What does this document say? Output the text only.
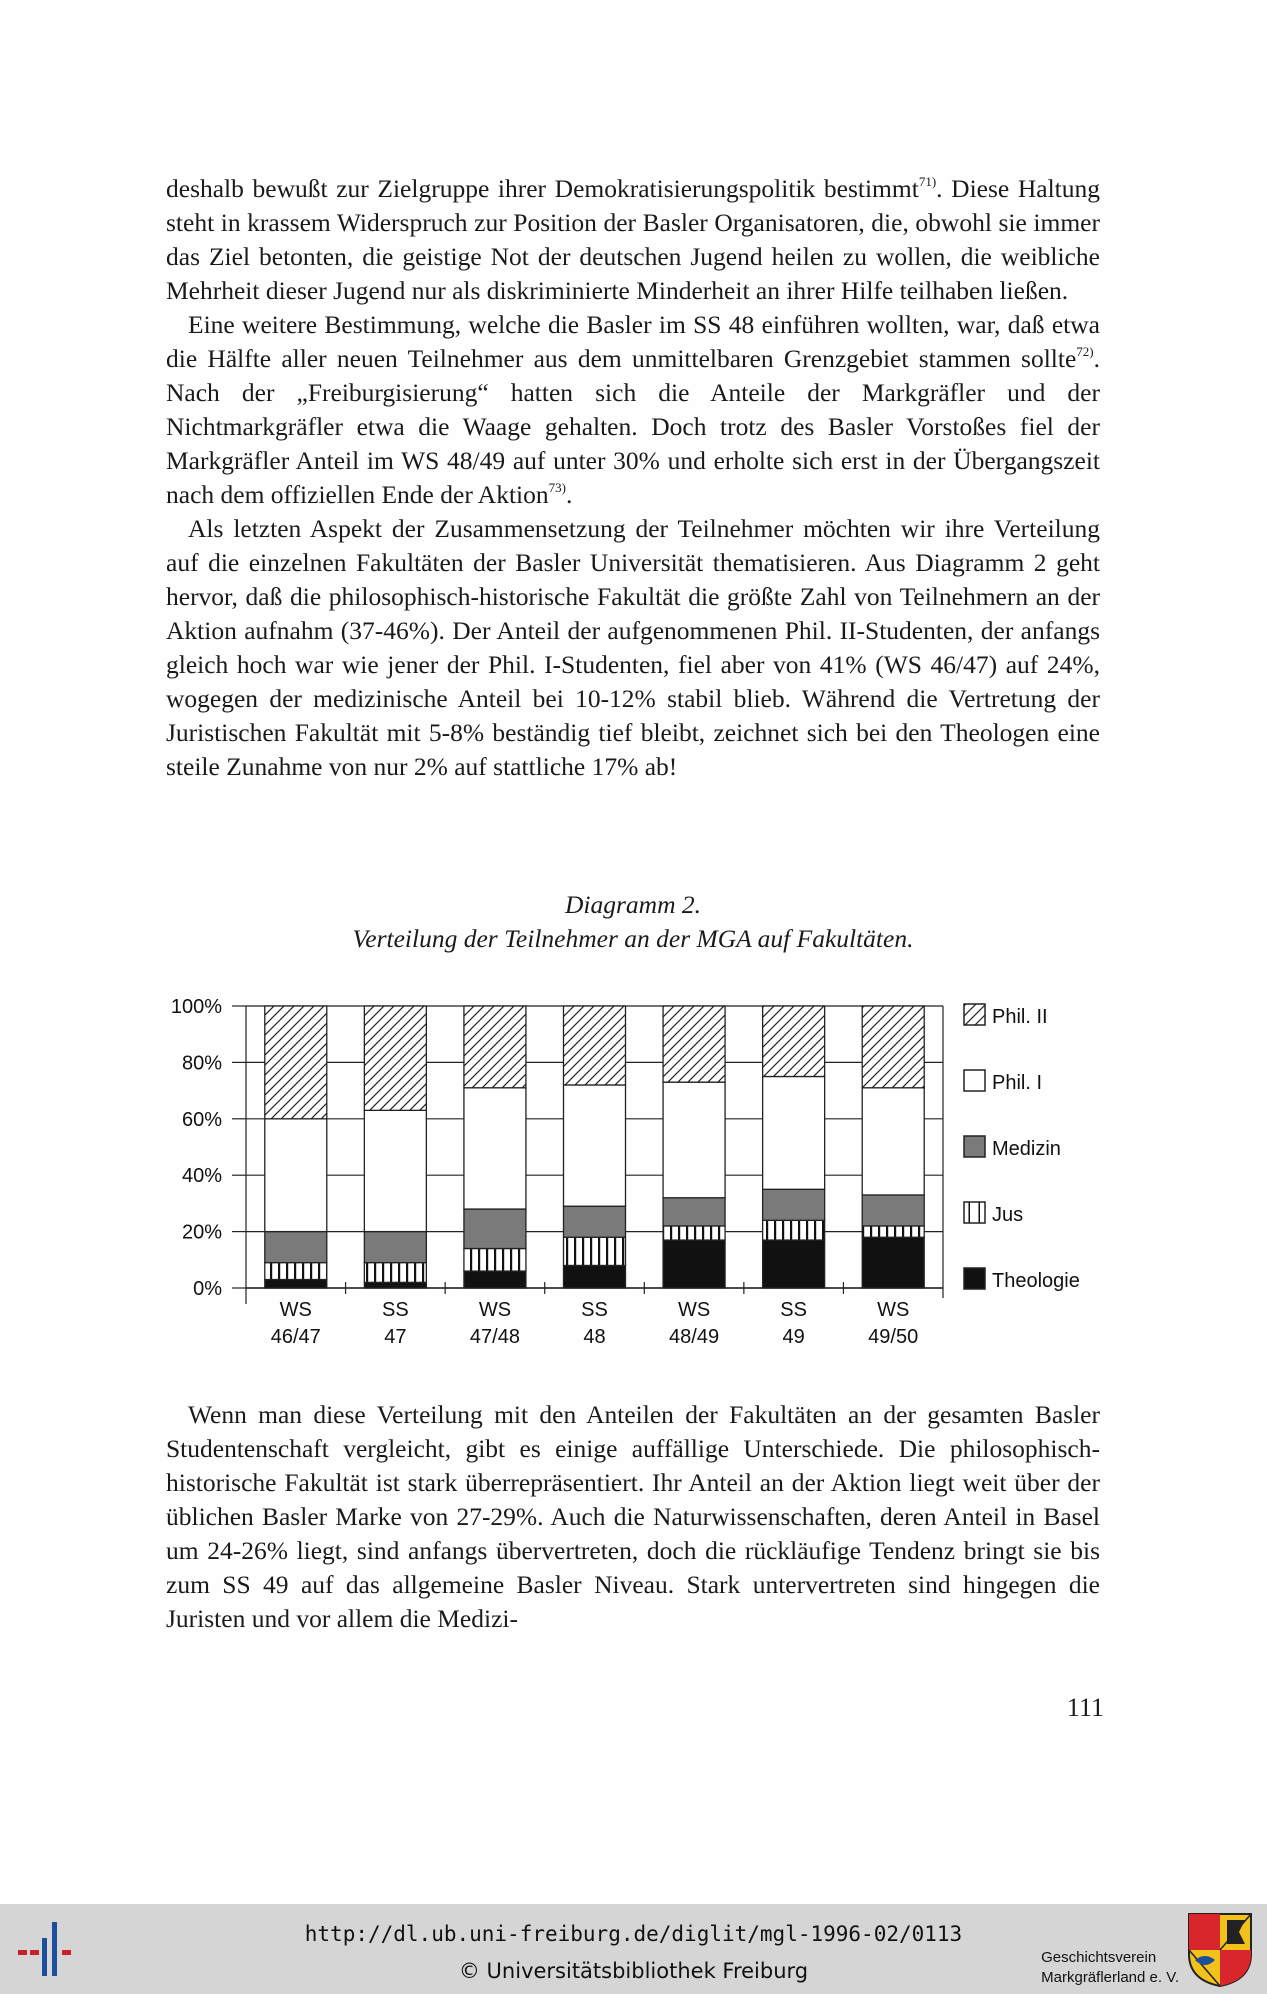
deshalb bewußt zur Zielgruppe ihrer Demokratisierungspolitik bestimmt$^{71)}$. Diese Haltung steht in krassem Widerspruch zur Position der Basler Organisatoren, die, obwohl sie immer das Ziel betonten, die geistige Not der deutschen Jugend heilen zu wollen, die weibliche Mehrheit dieser Jugend nur als diskriminierte Minderheit an ihrer Hilfe teilhaben ließen.

Eine weitere Bestimmung, welche die Basler im SS 48 einführen wollten, war, daß etwa die Hälfte aller neuen Teilnehmer aus dem unmittelbaren Grenzgebiet stammen sollte$^{72)}$. Nach der „Freiburgisierung“ hatten sich die Anteile der Markgräfler und der Nichtmarkgräfler etwa die Waage gehalten. Doch trotz des Basler Vorstoßes fiel der Markgräfler Anteil im WS 48/49 auf unter 30% und erholte sich erst in der Übergangszeit nach dem offiziellen Ende der Aktion$^{73)}$.

Als letzten Aspekt der Zusammensetzung der Teilnehmer möchten wir ihre Verteilung auf die einzelnen Fakultäten der Basler Universität thematisieren. Aus Diagramm 2 geht hervor, daß die philosophisch-historische Fakultät die größte Zahl von Teilnehmern an der Aktion aufnahm (37-46%). Der Anteil der aufgenommenen Phil. II-Studenten, der anfangs gleich hoch war wie jener der Phil. I-Studenten, fiel aber von 41% (WS 46/47) auf 24%, wogegen der medizinische Anteil bei 10-12% stabil blieb. Während die Vertretung der Juristischen Fakultät mit 5-8% beständig tief bleibt, zeichnet sich bei den Theologen eine steile Zunahme von nur 2% auf stattliche 17% ab!

Diagramm 2.
Verteilung der Teilnehmer an der MGA auf Fakultäten.
0%
20%
40%
60%
80%
100%
WS
46/47
SS
47
WS
47/48
SS
48
WS
48/49
SS
49
WS
49/50
Phil. II
Phil. I
Medizin
Jus
Theologie

Wenn man diese Verteilung mit den Anteilen der Fakultäten an der gesamten Basler Studentenschaft vergleicht, gibt es einige auffällige Unterschiede. Die philosophisch-historische Fakultät ist stark überrepräsentiert. Ihr Anteil an der Aktion liegt weit über der üblichen Basler Marke von 27-29%. Auch die Naturwissenschaften, deren Anteil in Basel um 24-26% liegt, sind anfangs übervertreten, doch die rückläufige Tendenz bringt sie bis zum SS 49 auf das allgemeine Basler Niveau. Stark untervertreten sind hingegen die Juristen und vor allem die Medizi-

111
http://dl.ub.uni-freiburg.de/diglit/mgl-1996-02/0113
© Universitätsbibliothek Freiburg
Geschichtsverein
Markgräflerland e. V.
